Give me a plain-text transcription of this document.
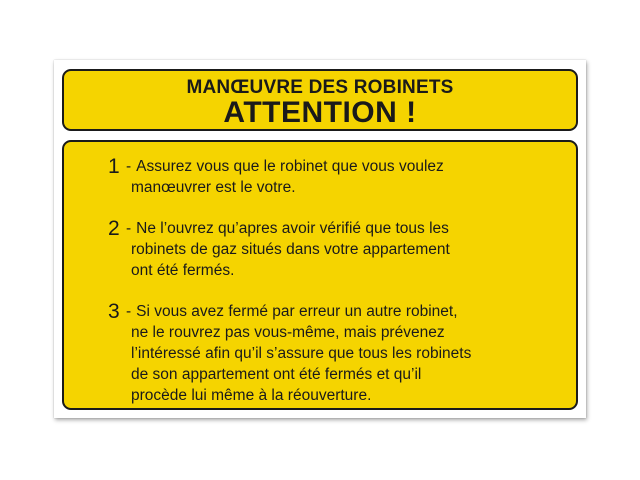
MANŒUVRE DES ROBINETS
ATTENTION !
1 - Assurez vous que le robinet que vous voulez
manœuvrer est le votre.
2 - Ne l’ouvrez qu’apres avoir vérifié que tous les
robinets de gaz situés dans votre appartement
ont été fermés.
3 - Si vous avez fermé par erreur un autre robinet,
ne le rouvrez pas vous-même, mais prévenez
l’intéressé afin qu’il s’assure que tous les robinets
de son appartement ont été fermés et qu’il
procède lui même à la réouverture.
